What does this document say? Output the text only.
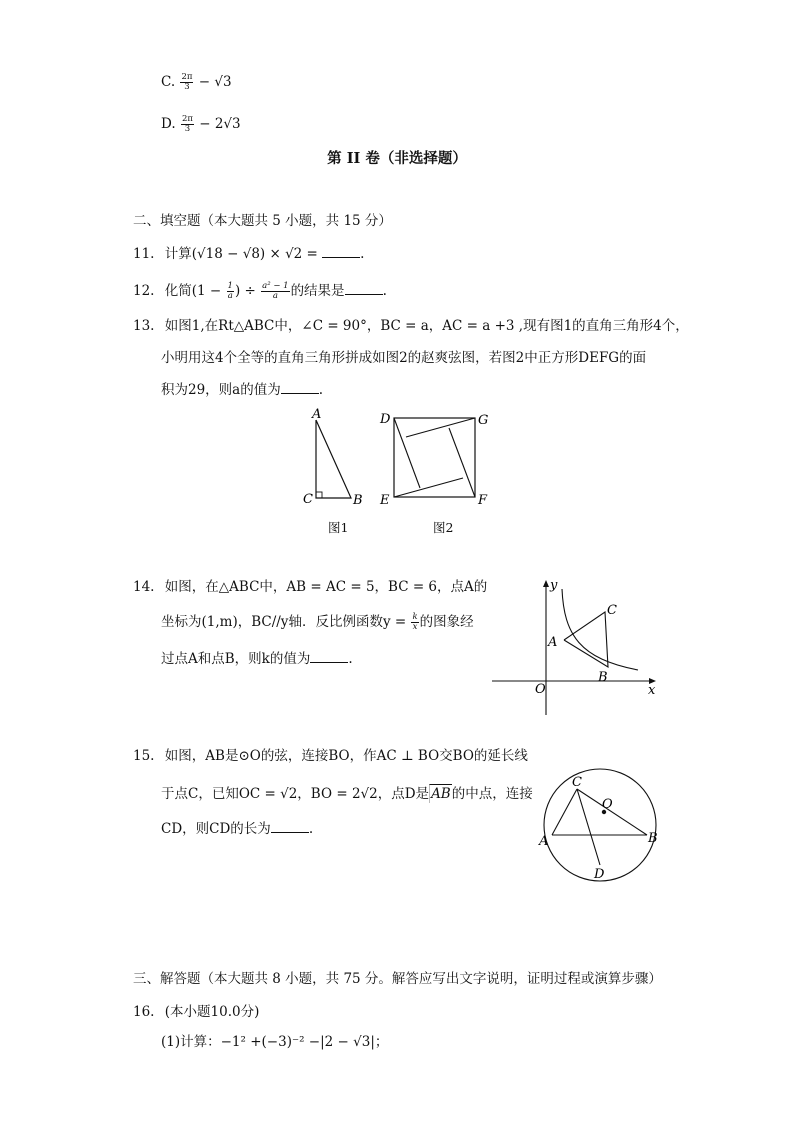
C. $\frac{2\pi}{3} - √3$
D. $\frac{2\pi}{3} - 2√3$
第 II 卷（非选择题）
二、填空题（本大题共 5 小题，共 15 分）
11. 计算(√18 − √8) × √2 =	.
12. 化简($1 - \frac{1}{a}$ ) ÷ $\frac{\text{a² − 1}}{a}$ 的结果是	.
13. 如图1,在Rt△ABC中，∠C = 90°，BC = a，AC = a +3 ,现有图1的直角三角形4个，
小明用这4个全等的直角三角形拼成如图2的赵爽弦图，若图2中正方形DEFG的面
积为29，则a的值为	.
A
C	B
图1
D	G
E	F
图2
14. 如图，在△ABC中，AB = AC = 5，BC = 6，点A的
坐标为(1,m)，BC//y轴．反比例函数$y = \frac{k}{x}$ 的图象经
过点A和点B，则k的值为	.
y
C
A
O
B
x
15. 如图，AB是⊙O的弦，连接BO，作AC ⊥ BO交BO的延长线
于点C，已知OC = √2，BO = 2√2，点D是 AB的中点，连接
CD，则CD的长为	.
C
O
A	B
D
三、解答题（本大题共 8 小题，共 75 分。解答应写出文字说明，证明过程或演算步骤）
16. (本小题10.0分)
(1)计算：−1² +(−3)⁻² −|2 − √3|；
